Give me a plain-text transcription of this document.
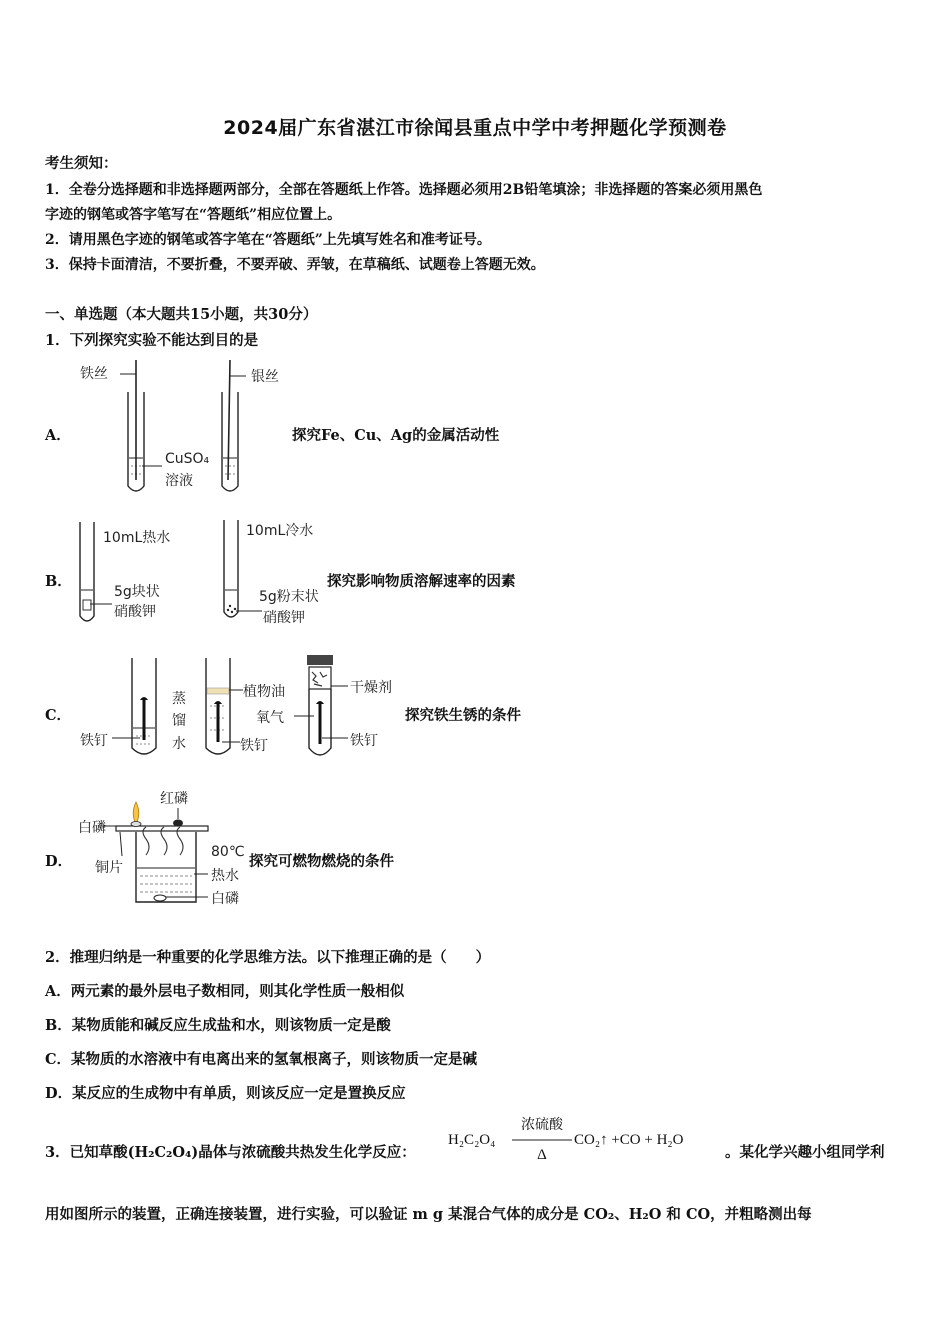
2024届广东省湛江市徐闻县重点中学中考押题化学预测卷
考生须知：
1．全卷分选择题和非选择题两部分，全部在答题纸上作答。选择题必须用2B铅笔填涂；非选择题的答案必须用黑色
字迹的钢笔或答字笔写在“答题纸”相应位置上。
2．请用黑色字迹的钢笔或答字笔在“答题纸”上先填写姓名和准考证号。
3．保持卡面清洁，不要折叠，不要弄破、弄皱，在草稿纸、试题卷上答题无效。
一、单选题（本大题共15小题，共30分）
1．下列探究实验不能达到目的是
A．
铁丝	银丝
CuSO₄
溶液
探究Fe、Cu、Ag的金属活动性
B．
10mL热水	10mL冷水
5g块状
硝酸钾
5g粉末状
硝酸钾
探究影响物质溶解速率的因素
C．
铁钉
蒸
馏
水
植物油
铁钉
干燥剂
氧气
铁钉
探究铁生锈的条件
D．
红磷
白磷
铜片
80℃
热水
白磷
探究可燃物燃烧的条件
2．推理归纳是一种重要的化学思维方法。以下推理正确的是（　　）
A．两元素的最外层电子数相同，则其化学性质一般相似
B．某物质能和碱反应生成盐和水，则该物质一定是酸
C．某物质的水溶液中有电离出来的氢氧根离子，则该物质一定是碱
D．某反应的生成物中有单质，则该反应一定是置换反应
3．已知草酸(H₂C₂O₄)晶体与浓硫酸共热发生化学反应：
H₂C₂O₄
浓硫酸
Δ
CO₂↑ +CO + H₂O
。某化学兴趣小组同学利
用如图所示的装置，正确连接装置，进行实验，可以验证 m g 某混合气体的成分是 CO₂、H₂O 和 CO，并粗略测出每
